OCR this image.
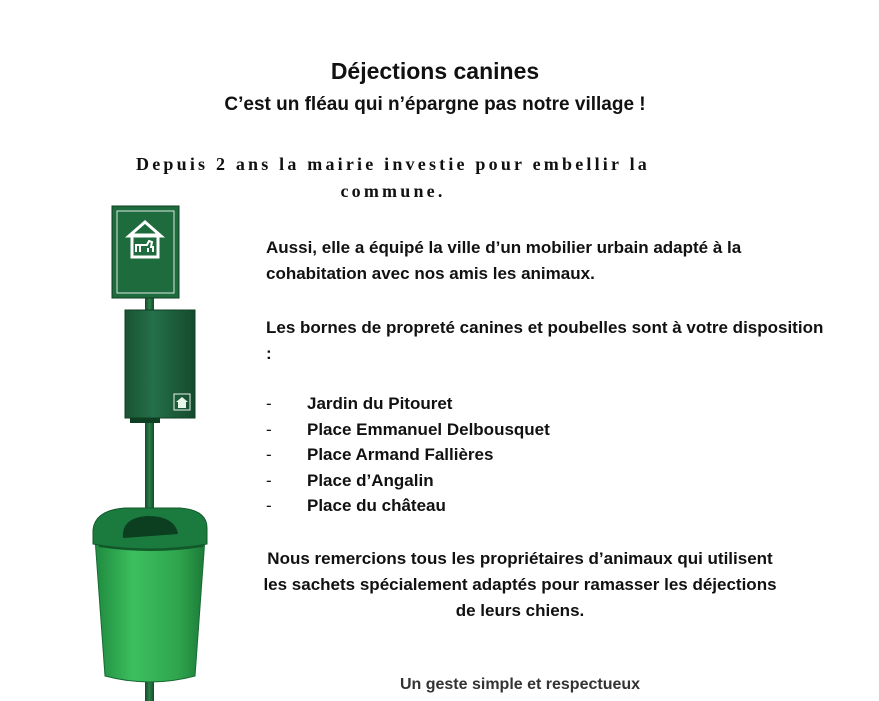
Déjections canines
C’est un fléau qui n’épargne pas notre village !
Depuis 2 ans la mairie investie pour embellir la commune.
Aussi, elle a équipé la ville d’un mobilier urbain adapté à la cohabitation avec nos amis les animaux.
Les bornes de propreté canines et poubelles sont à votre disposition :
- Jardin du Pitouret
- Place Emmanuel Delbousquet
- Place Armand Fallières
- Place d’Angalin
- Place du château
Nous remercions tous les propriétaires d’animaux qui utilisent les sachets spécialement adaptés pour ramasser les déjections de leurs chiens.
Un geste simple et respectueux
